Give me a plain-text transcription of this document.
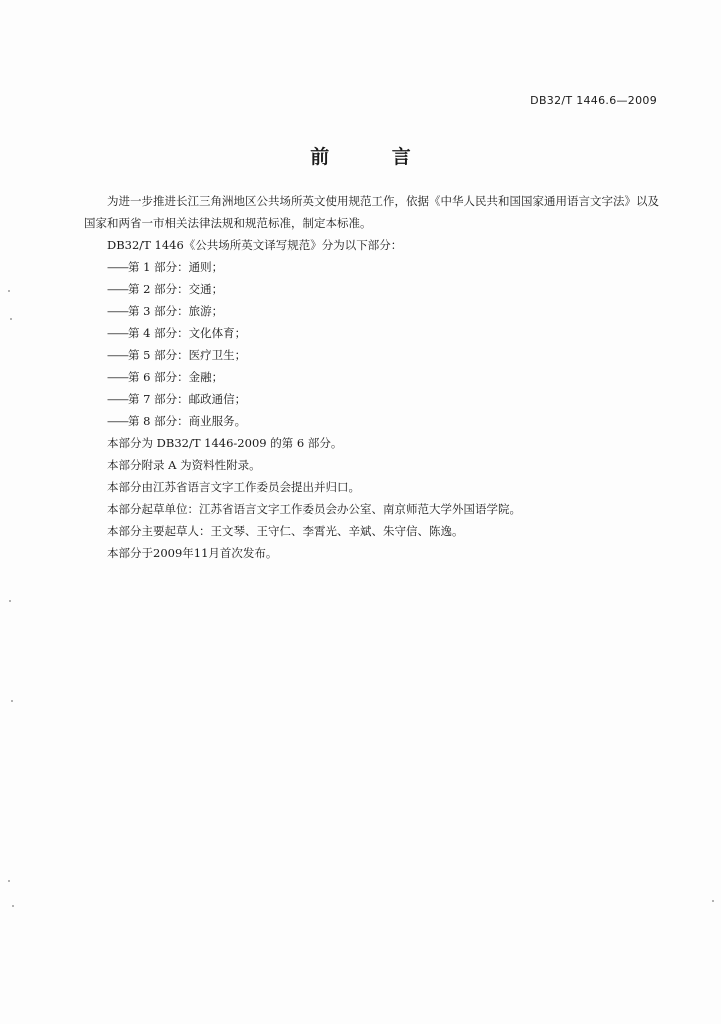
DB32/T 1446.6—2009
前 言

为进一步推进长江三角洲地区公共场所英文使用规范工作，依据《中华人民共和国国家通用语言文字法》以及国家和两省一市相关法律法规和规范标准，制定本标准。

DB32/T 1446《公共场所英文译写规范》分为以下部分：

——第 1 部分：通则；

——第 2 部分：交通；

——第 3 部分：旅游；

——第 4 部分：文化体育；

——第 5 部分：医疗卫生；

——第 6 部分：金融；

——第 7 部分：邮政通信；

——第 8 部分：商业服务。

本部分为 DB32/T 1446-2009 的第 6 部分。

本部分附录 A 为资料性附录。

本部分由江苏省语言文字工作委员会提出并归口。

本部分起草单位：江苏省语言文字工作委员会办公室、南京师范大学外国语学院。

本部分主要起草人：王文琴、王守仁、李霄光、辛斌、朱守信、陈逸。

本部分于2009年11月首次发布。
